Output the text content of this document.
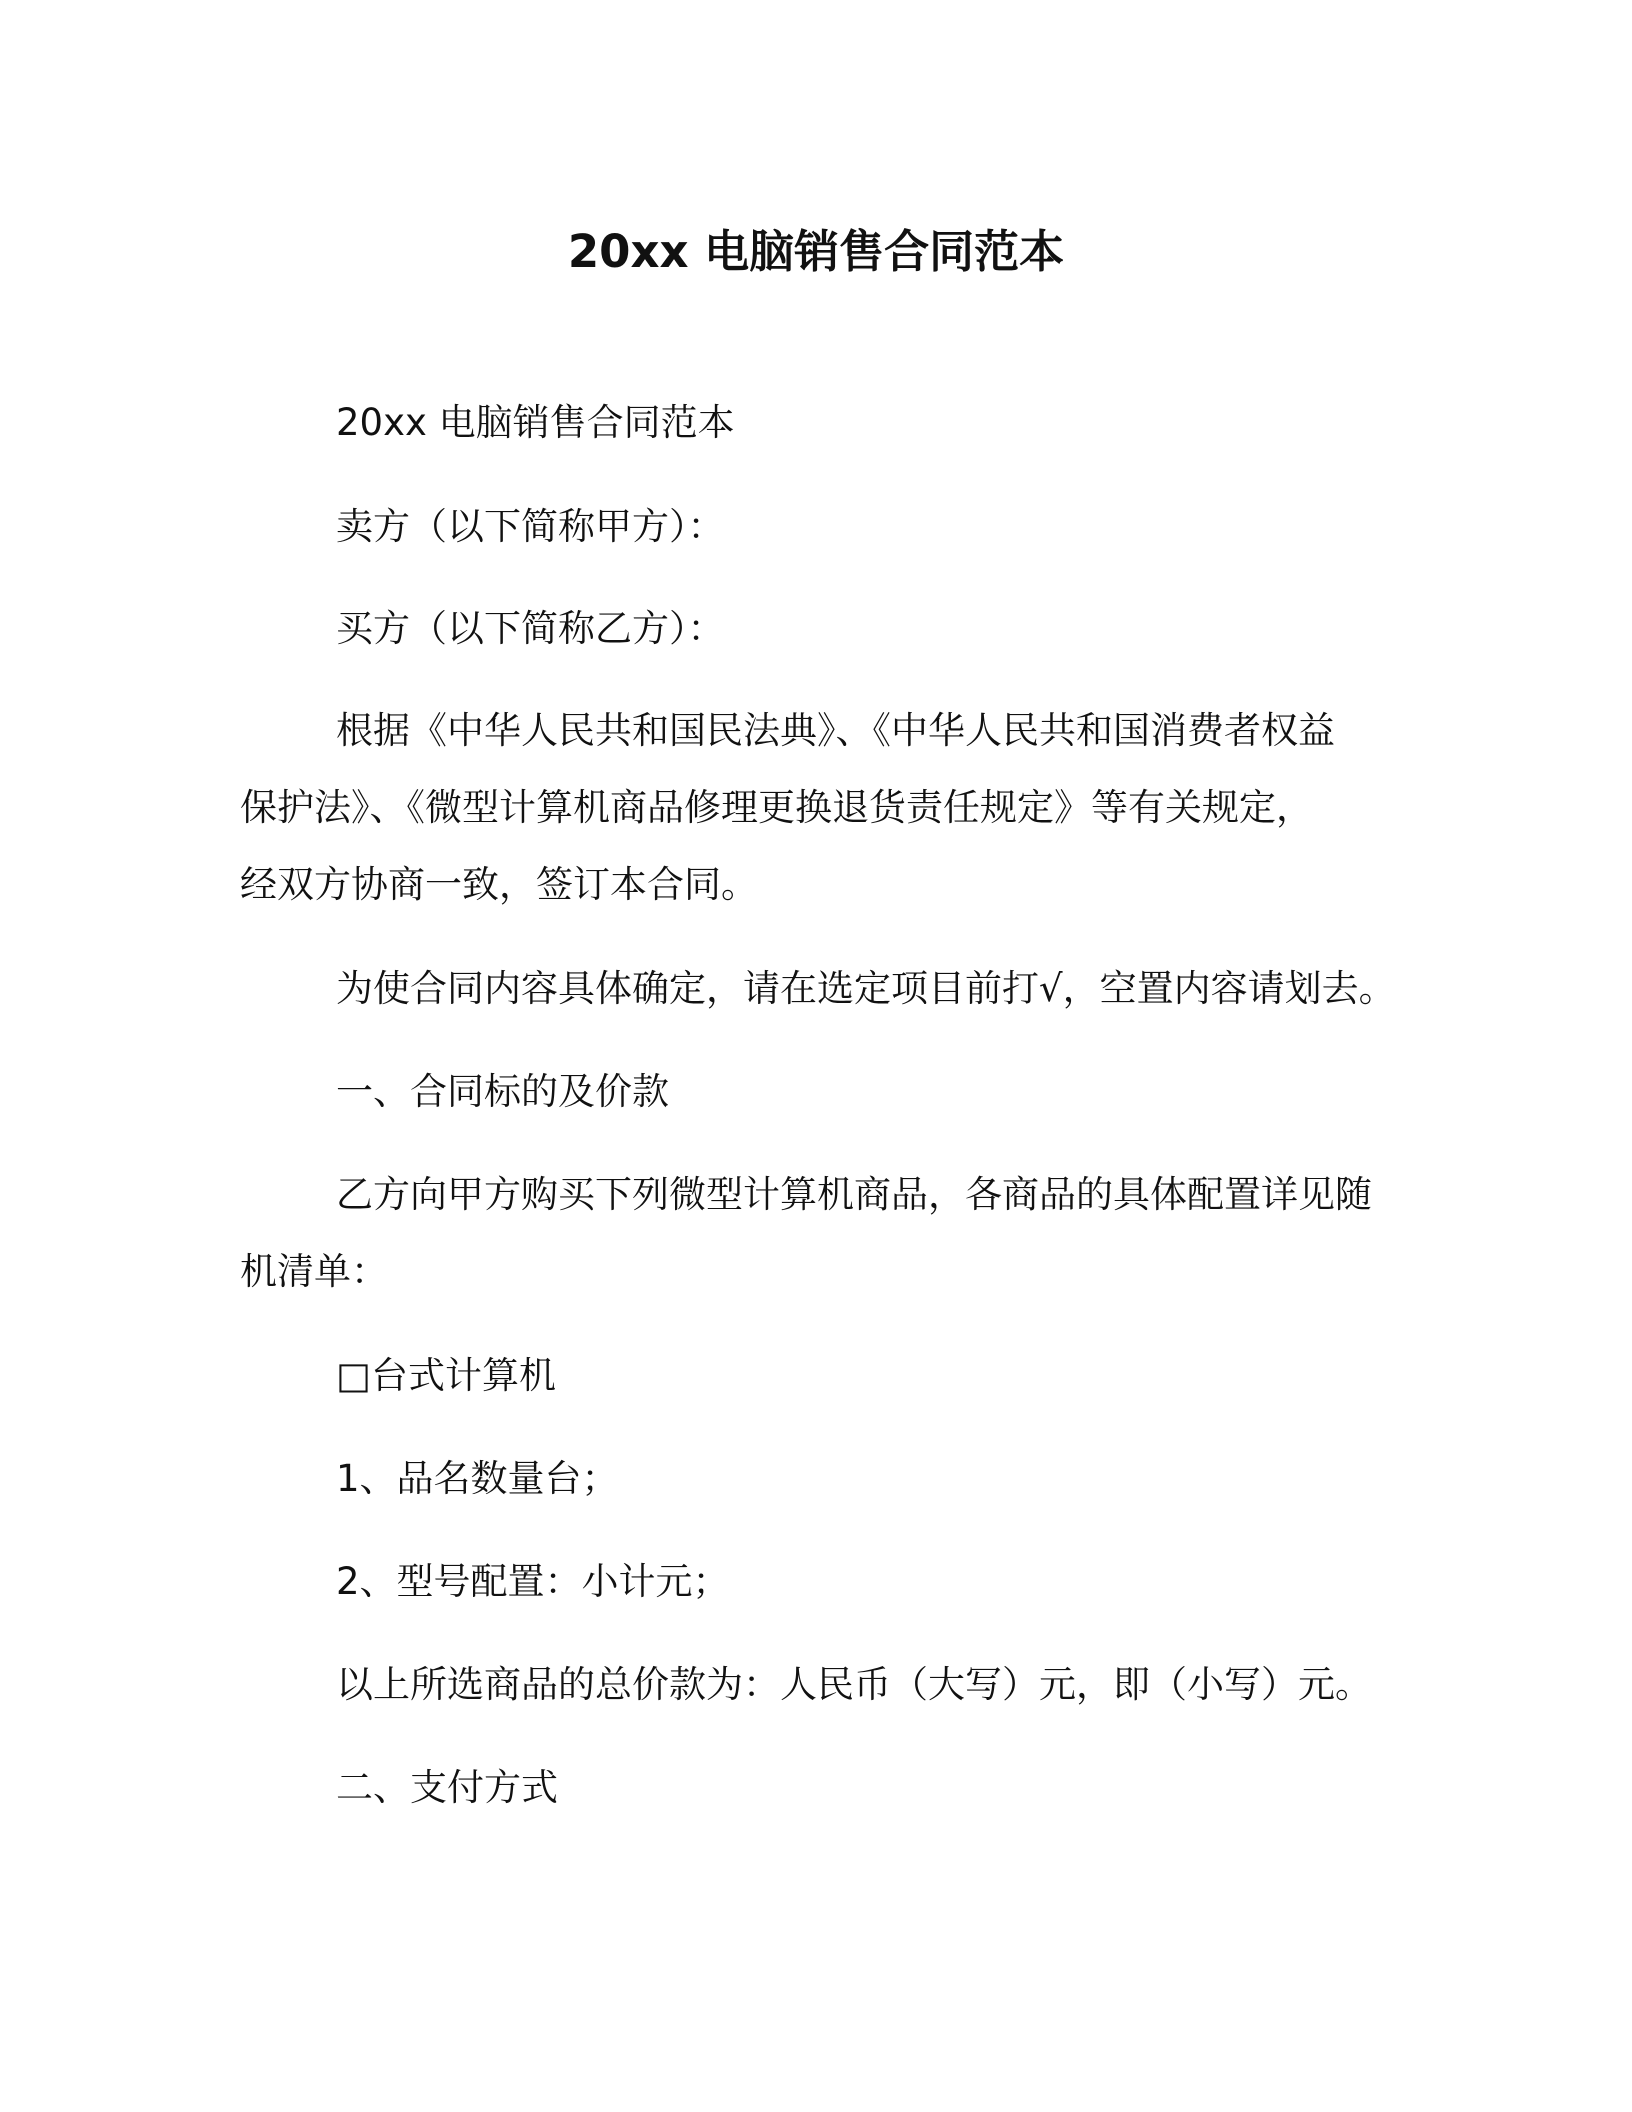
20xx 电脑销售合同范本
20xx 电脑销售合同范本
卖方（以下简称甲方）：
买方（以下简称乙方）：
根据《中华人民共和国民法典》、《中华人民共和国消费者权益
保护法》、《微型计算机商品修理更换退货责任规定》等有关规定，
经双方协商一致，签订本合同。
为使合同内容具体确定，请在选定项目前打√，空置内容请划去。
一、合同标的及价款
乙方向甲方购买下列微型计算机商品，各商品的具体配置详见随
机清单：
□台式计算机
1、品名数量台；
2、型号配置：小计元；
以上所选商品的总价款为：人民币（大写）元，即（小写）元。
二、支付方式
